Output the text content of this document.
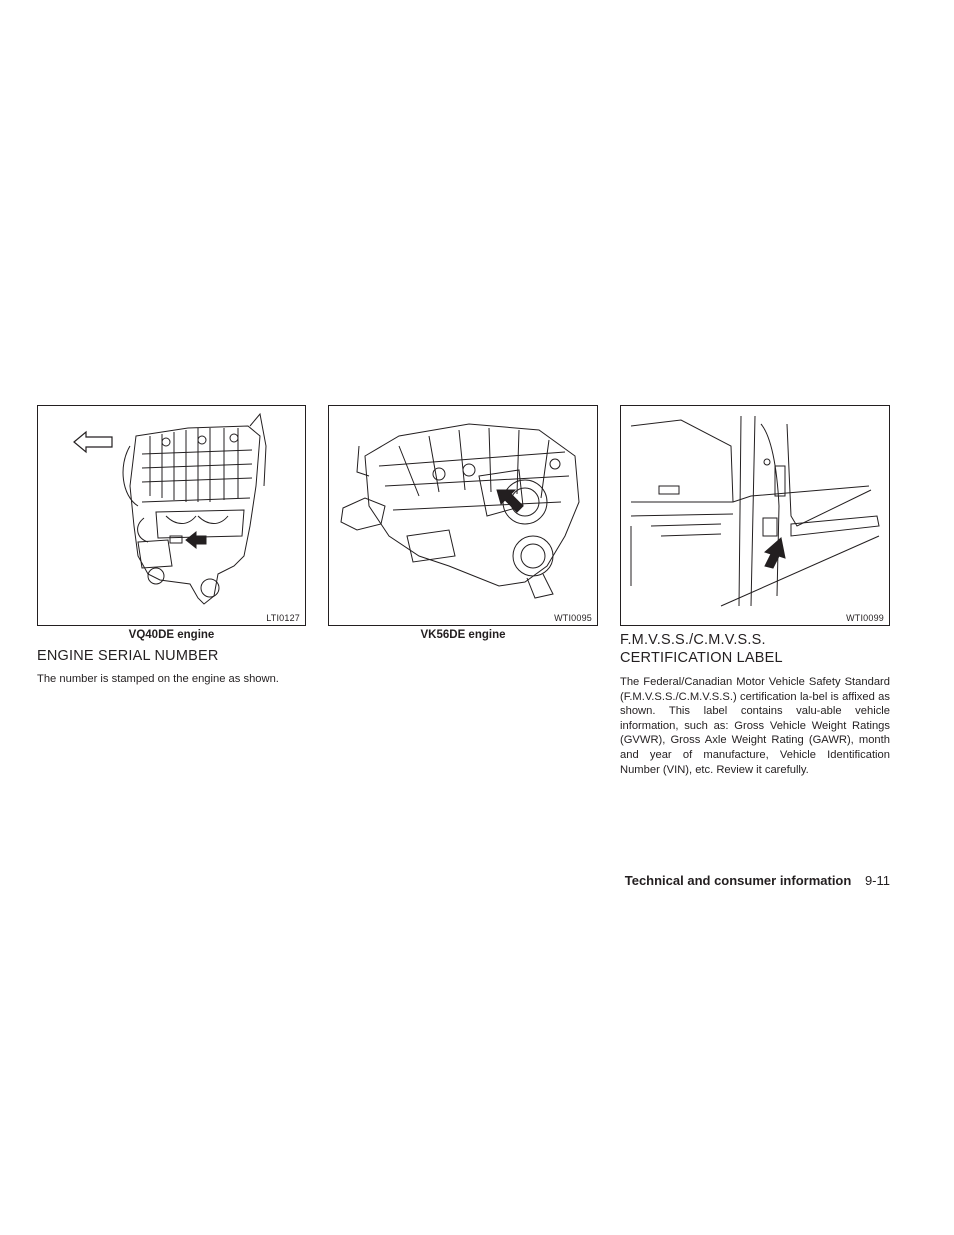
LTI0127	WTI0095	WTI0099
VQ40DE engine	VK56DE engine
ENGINE SERIAL NUMBER
The number is stamped on the engine as shown.
F.M.V.S.S./C.M.V.S.S.
CERTIFICATION LABEL
The Federal/Canadian Motor Vehicle Safety Standard (F.M.V.S.S./C.M.V.S.S.) certification la-bel is affixed as shown. This label contains valu-able vehicle information, such as: Gross Vehicle Weight Ratings (GVWR), Gross Axle Weight Rating (GAWR), month and year of manufacture, Vehicle Identification Number (VIN), etc. Review it carefully.
Technical and consumer information 9-11
